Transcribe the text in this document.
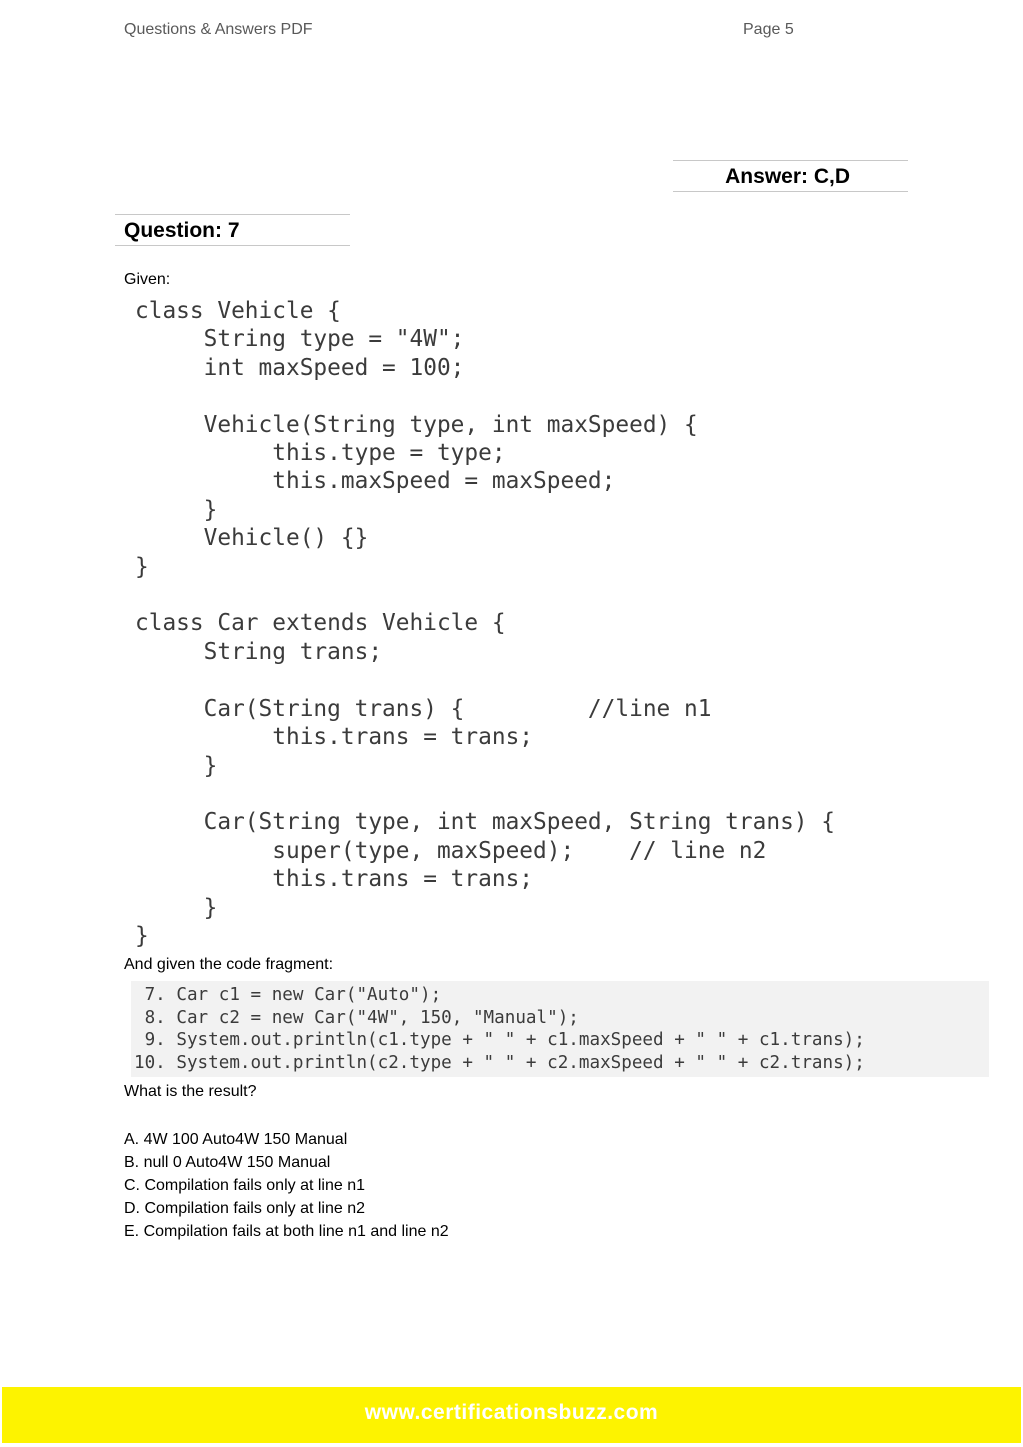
Questions & Answers PDF	Page 5
Answer: C,D
Question: 7
Given:
class Vehicle {
String type = "4W";
int maxSpeed = 100;

Vehicle(String type, int maxSpeed) {
this.type = type;
this.maxSpeed = maxSpeed;
}
Vehicle() {}
}

class Car extends Vehicle {
String trans;

Car(String trans) {         //line n1
this.trans = trans;
}

Car(String type, int maxSpeed, String trans) {
super(type, maxSpeed);    // line n2
this.trans = trans;
}
}
And given the code fragment:
7. Car c1 = new Car("Auto");
8. Car c2 = new Car("4W", 150, "Manual");
9. System.out.println(c1.type + " " + c1.maxSpeed + " " + c1.trans);
10. System.out.println(c2.type + " " + c2.maxSpeed + " " + c2.trans);
What is the result?
A. 4W 100 Auto4W 150 Manual
B. null 0 Auto4W 150 Manual
C. Compilation fails only at line n1
D. Compilation fails only at line n2
E. Compilation fails at both line n1 and line n2
www.certificationsbuzz.com
